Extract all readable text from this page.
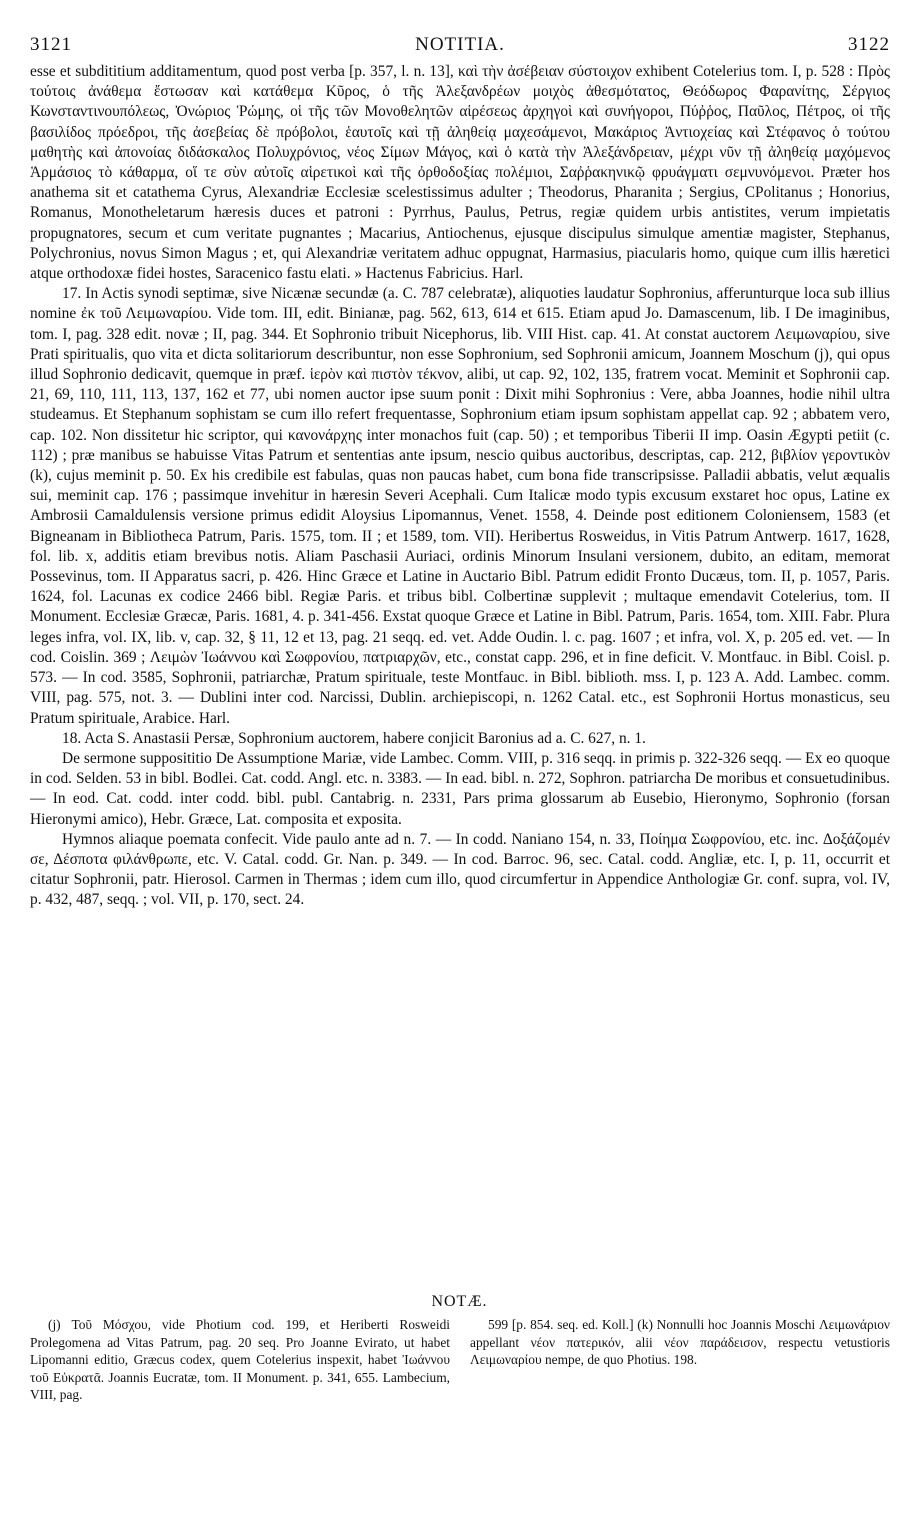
3121	NOTITIA.	3122

esse et subdititium additamentum, quod post verba [p. 357, l. n. 13], καὶ τὴν ἀσέβειαν σύστοιχον exhibent Cotelerius tom. I, p. 528 : Πρὸς τούτοις ἀνάθεμα ἔστωσαν καὶ κατάθεμα Κῦρος, ὁ τῆς Ἀλεξανδρέων μοιχὸς ἀθεσμότατος, Θεόδωρος Φαρανίτης, Σέργιος Κωνσταντινουπόλεως, Ὀνώριος Ῥώμης, οἱ τῆς τῶν Μονοθελητῶν αἱρέσεως ἀρχηγοὶ καὶ συνήγοροι, Πύῤῥος, Παῦλος, Πέτρος, οἱ τῆς βασιλίδος πρόεδροι, τῆς ἀσεβείας δὲ πρόβολοι, ἑαυτοῖς καὶ τῇ ἀληθείᾳ μαχεσάμενοι, Μακάριος Ἀντιοχείας καὶ Στέφανος ὁ τούτου μαθητὴς καὶ ἀπονοίας διδάσκαλος Πολυχρόνιος, νέος Σίμων Μάγος, καὶ ὁ κατὰ τὴν Ἀλεξάνδρειαν, μέχρι νῦν τῇ ἀληθείᾳ μαχόμενος Ἁρμάσιος τὸ κάθαρμα, οἵ τε σὺν αὐτοῖς αἱρετικοὶ καὶ τῆς ὀρθοδοξίας πολέμιοι, Σαῤῥακηνικῷ φρυάγματι σεμνυνόμενοι. Præter hos anathema sit et catathema Cyrus, Alexandriæ Ecclesiæ scelestissimus adulter ; Theodorus, Pharanita ; Sergius, CPolitanus ; Honorius, Romanus, Monotheletarum hæresis duces et patroni : Pyrrhus, Paulus, Petrus, regiæ quidem urbis antistites, verum impietatis propugnatores, secum et cum veritate pugnantes ; Macarius, Antiochenus, ejusque discipulus simulque amentiæ magister, Stephanus, Polychronius, novus Simon Magus ; et, qui Alexandriæ veritatem adhuc oppugnat, Harmasius, piacularis homo, quique cum illis hæretici atque orthodoxæ fidei hostes, Saracenico fastu elati. » Hactenus Fabricius. Harl.

17. In Actis synodi septimæ, sive Nicænæ secundæ (a. C. 787 celebratæ), aliquoties laudatur Sophronius, afferunturque loca sub illius nomine ἐκ τοῦ Λειμωναρίου. Vide tom. III, edit. Binianæ, pag. 562, 613, 614 et 615. Etiam apud Jo. Damascenum, lib. I De imaginibus, tom. I, pag. 328 edit. novæ ; II, pag. 344. Et Sophronio tribuit Nicephorus, lib. VIII Hist. cap. 41. At constat auctorem Λειμωναρίου, sive Prati spiritualis, quo vita et dicta solitariorum describuntur, non esse Sophronium, sed Sophronii amicum, Joannem Moschum (j), qui opus illud Sophronio dedicavit, quemque in præf. ἱερὸν καὶ πιστὸν τέκνον, alibi, ut cap. 92, 102, 135, fratrem vocat. Meminit et Sophronii cap. 21, 69, 110, 111, 113, 137, 162 et 77, ubi nomen auctor ipse suum ponit : Dixit mihi Sophronius : Vere, abba Joannes, hodie nihil ultra studeamus. Et Stephanum sophistam se cum illo refert frequentasse, Sophronium etiam ipsum sophistam appellat cap. 92 ; abbatem vero, cap. 102. Non dissitetur hic scriptor, qui κανονάρχης inter monachos fuit (cap. 50) ; et temporibus Tiberii II imp. Oasin Ægypti petiit (c. 112) ; præ manibus se habuisse Vitas Patrum et sententias ante ipsum, nescio quibus auctoribus, descriptas, cap. 212, βιβλίον γεροντικὸν (k), cujus meminit p. 50. Ex his credibile est fabulas, quas non paucas habet, cum bona fide transcripsisse. Palladii abbatis, velut æqualis sui, meminit cap. 176 ; passimque invehitur in hæresin Severi Acephali. Cum Italicæ modo typis excusum exstaret hoc opus, Latine ex Ambrosii Camaldulensis versione primus edidit Aloysius Lipomannus, Venet. 1558, 4. Deinde post editionem Coloniensem, 1583 (et Bigneanam in Bibliotheca Patrum, Paris. 1575, tom. II ; et 1589, tom. VII). Heribertus Rosweidus, in Vitis Patrum Antwerp. 1617, 1628, fol. lib. x, additis etiam brevibus notis. Aliam Paschasii Auriaci, ordinis Minorum Insulani versionem, dubito, an editam, memorat Possevinus, tom. II Apparatus sacri, p. 426. Hinc Græce et Latine in Auctario Bibl. Patrum edidit Fronto Ducæus, tom. II, p. 1057, Paris. 1624, fol. Lacunas ex codice 2466 bibl. Regiæ Paris. et tribus bibl. Colbertinæ supplevit ; multaque emendavit Cotelerius, tom. II Monument. Ecclesiæ Græcæ, Paris. 1681, 4. p. 341-456. Exstat quoque Græce et Latine in Bibl. Patrum, Paris. 1654, tom. XIII. Fabr. Plura leges infra, vol. IX, lib. v, cap. 32, § 11, 12 et 13, pag. 21 seqq. ed. vet. Adde Oudin. l. c. pag. 1607 ; et infra, vol. X, p. 205 ed. vet. — In cod. Coislin. 369 ; Λειμὼν Ἰωάννου καὶ Σωφρονίου, πατριαρχῶν, etc., constat capp. 296, et in fine deficit. V. Montfauc. in Bibl. Coisl. p. 573. — In cod. 3585, Sophronii, patriarchæ, Pratum spirituale, teste Montfauc. in Bibl. biblioth. mss. I, p. 123 A. Add. Lambec. comm. VIII, pag. 575, not. 3. — Dublini inter cod. Narcissi, Dublin. archiepiscopi, n. 1262 Catal. etc., est Sophronii Hortus monasticus, seu Pratum spirituale, Arabice. Harl.

18. Acta S. Anastasii Persæ, Sophronium auctorem, habere conjicit Baronius ad a. C. 627, n. 1.

De sermone supposititio De Assumptione Mariæ, vide Lambec. Comm. VIII, p. 316 seqq. in primis p. 322-326 seqq. — Ex eo quoque in cod. Selden. 53 in bibl. Bodlei. Cat. codd. Angl. etc. n. 3383. — In ead. bibl. n. 272, Sophron. patriarcha De moribus et consuetudinibus. — In eod. Cat. codd. inter codd. bibl. publ. Cantabrig. n. 2331, Pars prima glossarum ab Eusebio, Hieronymo, Sophronio (forsan Hieronymi amico), Hebr. Græce, Lat. composita et exposita.

Hymnos aliaque poemata confecit. Vide paulo ante ad n. 7. — In codd. Naniano 154, n. 33, Ποίημα Σωφρονίου, etc. inc. Δοξάζομέν σε, Δέσποτα φιλάνθρωπε, etc. V. Catal. codd. Gr. Nan. p. 349. — In cod. Barroc. 96, sec. Catal. codd. Angliæ, etc. I, p. 11, occurrit et citatur Sophronii, patr. Hierosol. Carmen in Thermas ; idem cum illo, quod circumfertur in Appendice Anthologiæ Gr. conf. supra, vol. IV, p. 432, 487, seqq. ; vol. VII, p. 170, sect. 24.

NOTÆ.

(j) Τοῦ Μόσχου, vide Photium cod. 199, et Heriberti Rosweidi Prolegomena ad Vitas Patrum, pag. 20 seq. Pro Joanne Evirato, ut habet Lipomanni editio, Græcus codex, quem Cotelerius inspexit, habet Ἰωάννου τοῦ Εὐκρατᾶ. Joannis Eucratæ, tom. II Monument. p. 341, 655. Lambecium, VIII, pag.

599 [p. 854. seq. ed. Koll.] (k) Nonnulli hoc Joannis Moschi Λειμωνάριον appellant νέον πατερικόν, alii νέον παράδεισον, respectu vetustioris Λειμωναρίου nempe, de quo Photius. 198.
